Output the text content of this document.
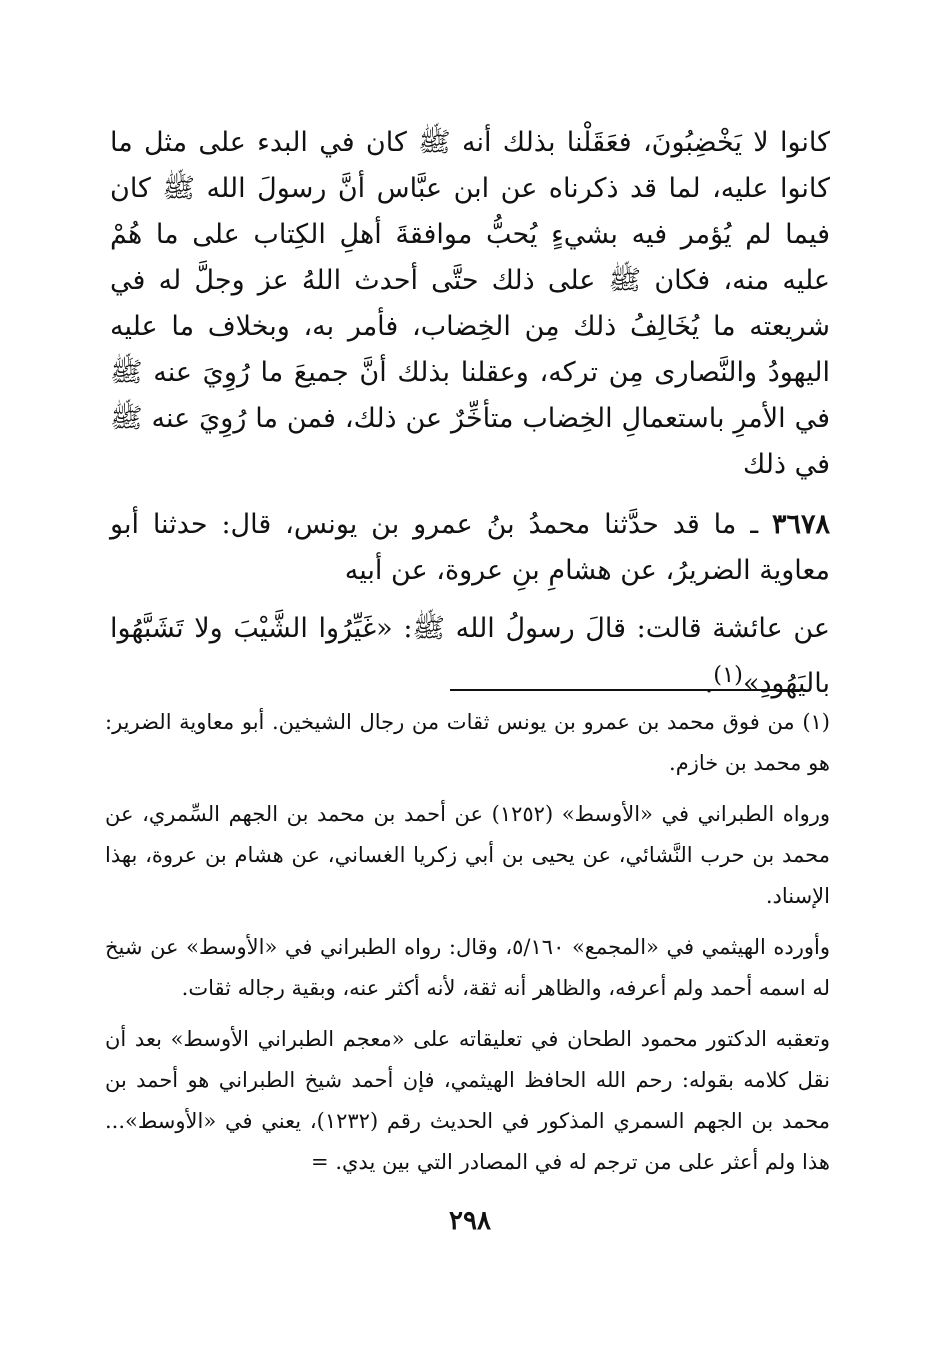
كانوا لا يَخْضِبُونَ، فعَقَلْنا بذلك أنه ﷺ كان في البدء على مثل ما كانوا عليه، لما قد ذكرناه عن ابن عبَّاس أنَّ رسولَ الله ﷺ كان فيما لم يُؤمر فيه بشيءٍ يُحبُّ موافقةَ أهلِ الكِتاب على ما هُمْ عليه منه، فكان ﷺ على ذلك حتَّى أحدث اللهُ عز وجلَّ له في شريعته ما يُخَالِفُ ذلك مِن الخِضاب، فأمر به، وبخلاف ما عليه اليهودُ والنَّصارى مِن تركه، وعقلنا بذلك أنَّ جميعَ ما رُوِيَ عنه ﷺ في الأمرِ باستعمالِ الخِضاب متأخِّرٌ عن ذلك، فمن ما رُوِيَ عنه ﷺ في ذلك

٣٦٧٨ ـ ما قد حدَّثنا محمدُ بنُ عمرو بن يونس، قال: حدثنا أبو معاوية الضريرُ، عن هشامِ بنِ عروة، عن أبيه

عن عائشة قالت: قالَ رسولُ الله ﷺ: «غَيِّرُوا الشَّيْبَ ولا تَشَبَّهُوا باليَهُودِ»$^{(١)}$.

(١) من فوق محمد بن عمرو بن يونس ثقات من رجال الشيخين. أبو معاوية الضرير: هو محمد بن خازم.

ورواه الطبراني في «الأوسط» (١٢٥٢) عن أحمد بن محمد بن الجهم السِّمري، عن محمد بن حرب النَّشائي، عن يحيى بن أبي زكريا الغساني، عن هشام بن عروة، بهذا الإسناد.

وأورده الهيثمي في «المجمع» ٥/١٦٠، وقال: رواه الطبراني في «الأوسط» عن شيخ له اسمه أحمد ولم أعرفه، والظاهر أنه ثقة، لأنه أكثر عنه، وبقية رجاله ثقات.

وتعقبه الدكتور محمود الطحان في تعليقاته على «معجم الطبراني الأوسط» بعد أن نقل كلامه بقوله: رحم الله الحافظ الهيثمي، فإن أحمد شيخ الطبراني هو أحمد بن محمد بن الجهم السمري المذكور في الحديث رقم (١٢٣٢)، يعني في «الأوسط»... هذا ولم أعثر على من ترجم له في المصادر التي بين يدي. =

٢٩٨
